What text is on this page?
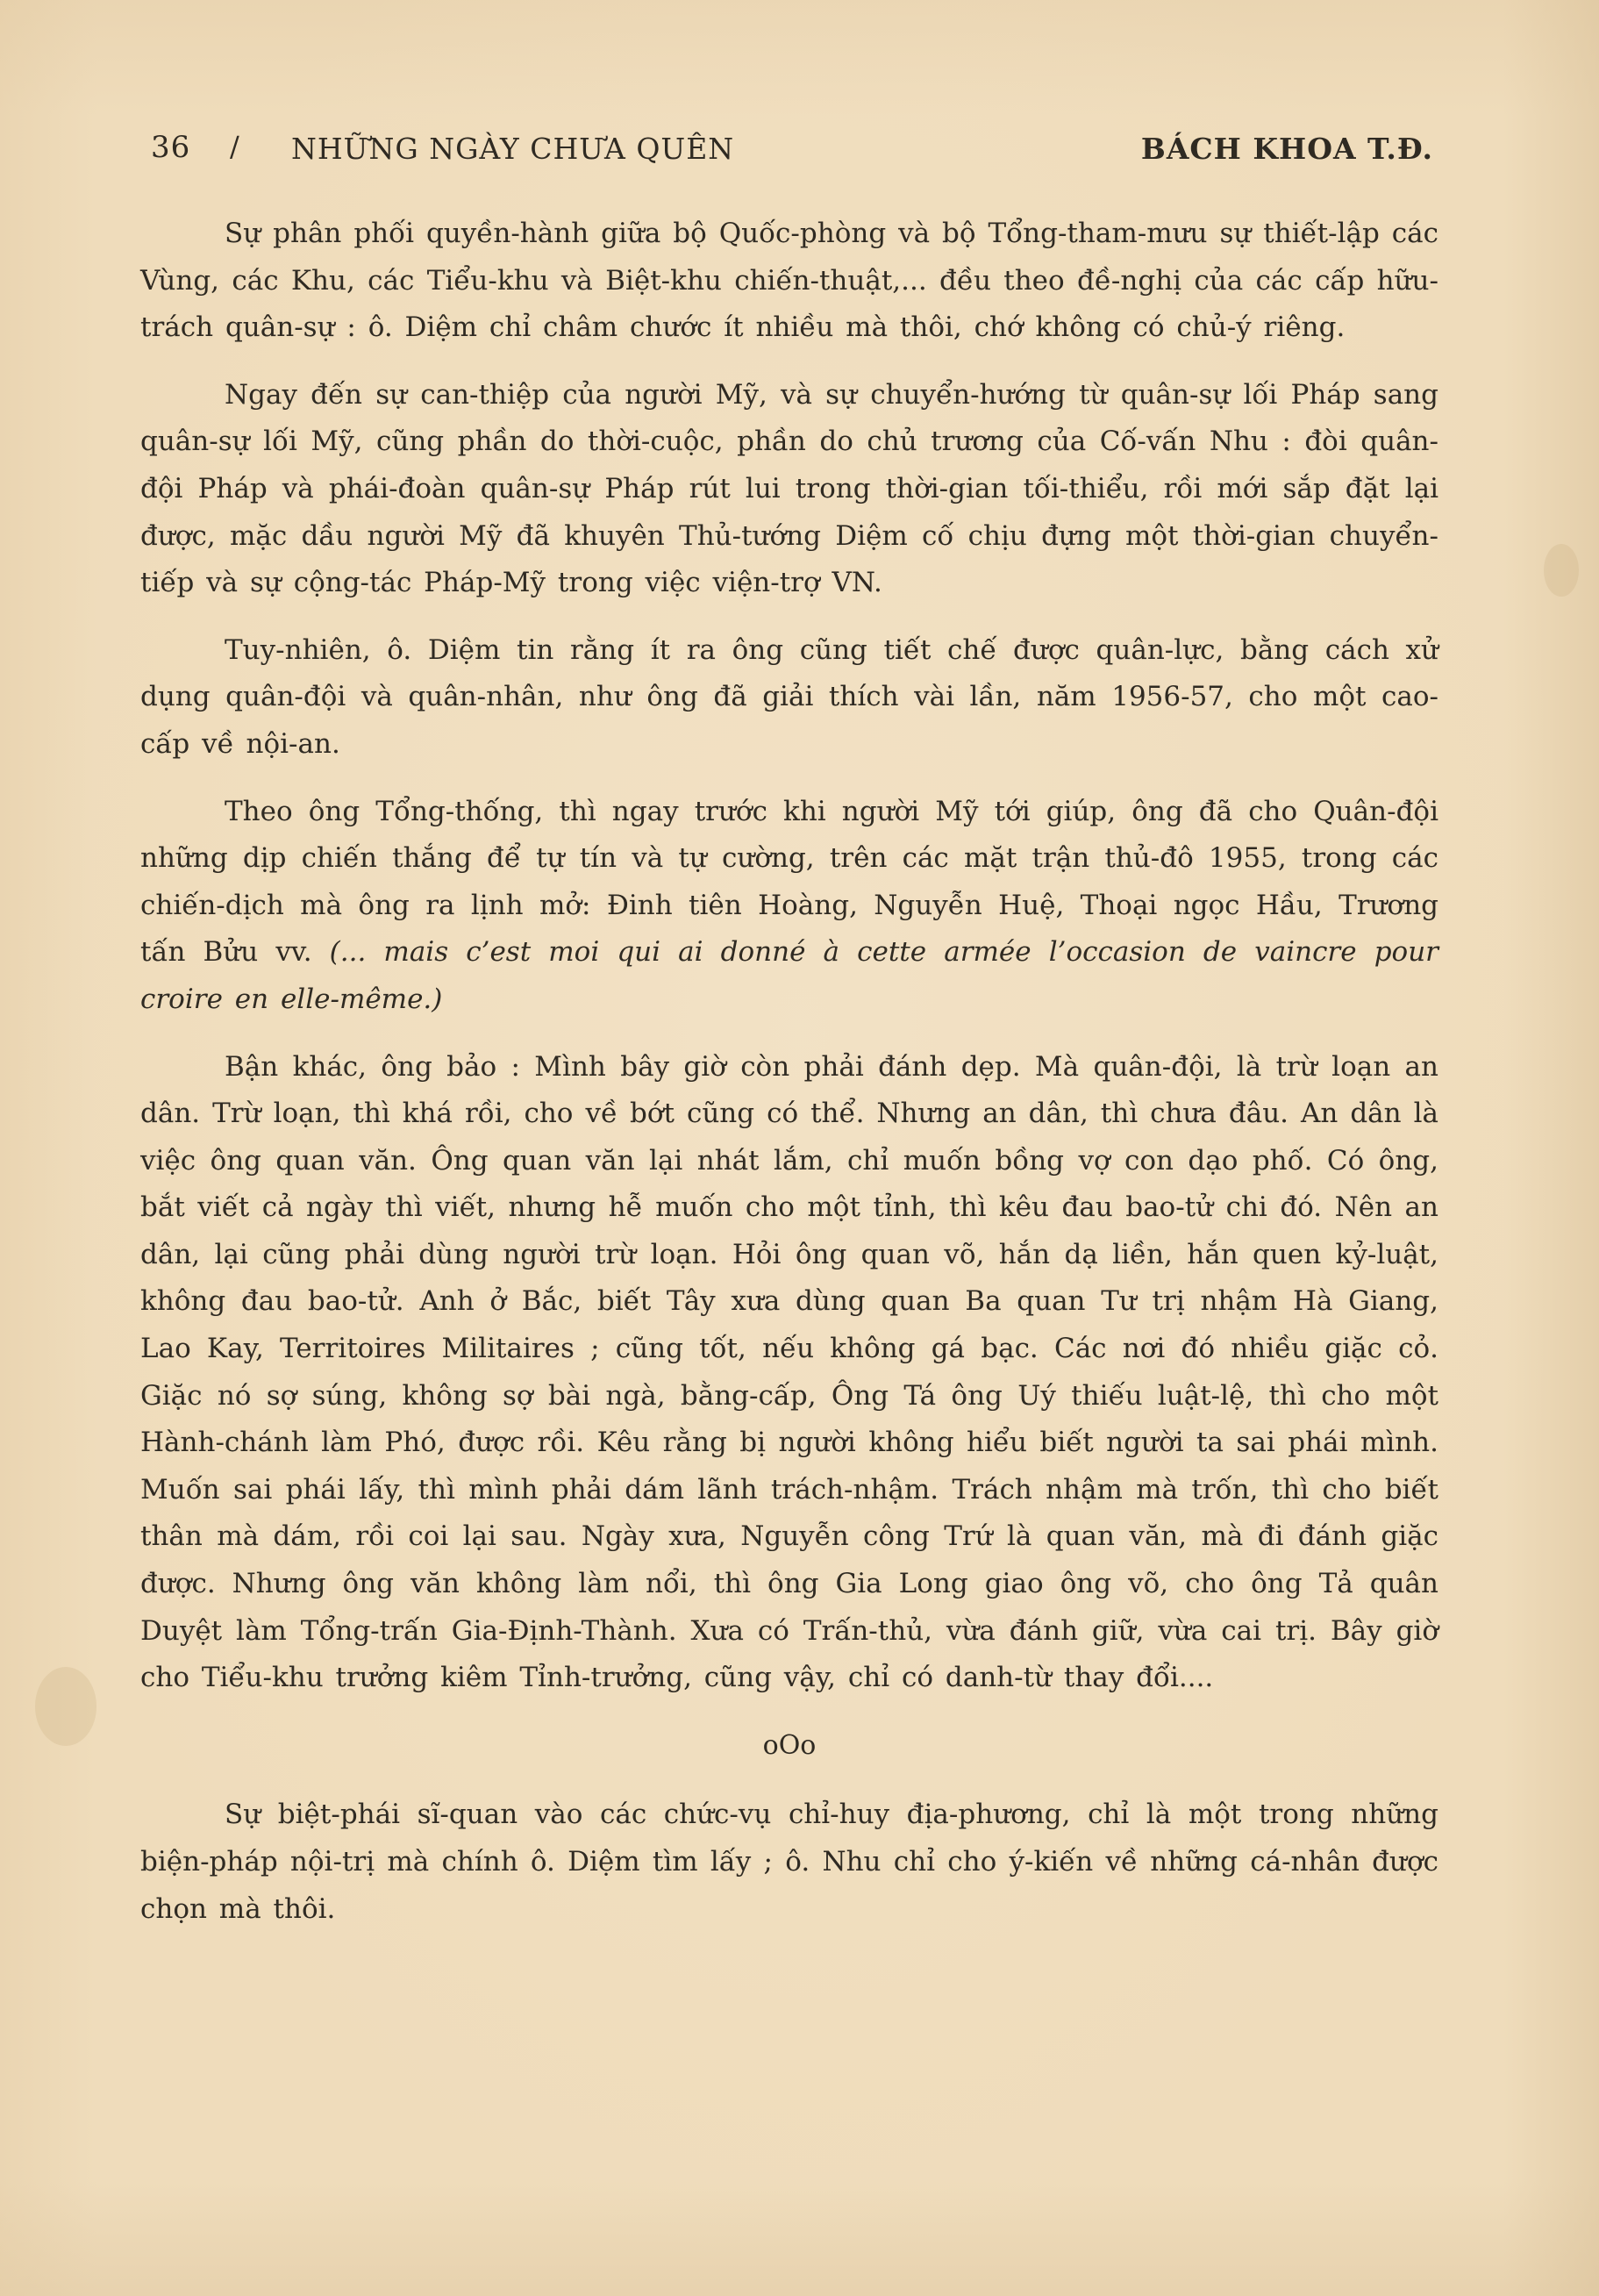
36 / NHỮNG NGÀY CHƯA QUÊN	BÁCH KHOA T.Đ.

Sự phân phối quyền-hành giữa bộ Quốc-phòng và bộ Tổng-tham-mưu sự thiết-lập các Vùng, các Khu, các Tiểu-khu và Biệt-khu chiến-thuật,... đều theo đề-nghị của các cấp hữu-trách quân-sự : ô. Diệm chỉ châm chước ít nhiều mà thôi, chớ không có chủ-ý riêng.

Ngay đến sự can-thiệp của người Mỹ, và sự chuyển-hướng từ quân-sự lối Pháp sang quân-sự lối Mỹ, cũng phần do thời-cuộc, phần do chủ trương của Cố-vấn Nhu : đòi quân-đội Pháp và phái-đoàn quân-sự Pháp rút lui trong thời-gian tối-thiểu, rồi mới sắp đặt lại được, mặc dầu người Mỹ đã khuyên Thủ-tướng Diệm cố chịu đựng một thời-gian chuyển-tiếp và sự cộng-tác Pháp-Mỹ trong việc viện-trợ VN.

Tuy-nhiên, ô. Diệm tin rằng ít ra ông cũng tiết chế được quân-lực, bằng cách xử dụng quân-đội và quân-nhân, như ông đã giải thích vài lần, năm 1956-57, cho một cao-cấp về nội-an.

Theo ông Tổng-thống, thì ngay trước khi người Mỹ tới giúp, ông đã cho Quân-đội những dịp chiến thắng để tự tín và tự cường, trên các mặt trận thủ-đô 1955, trong các chiến-dịch mà ông ra lịnh mở: Đinh tiên Hoàng, Nguyễn Huệ, Thoại ngọc Hầu, Trương tấn Bửu vv. (... mais c’est moi qui ai donné à cette armée l’occasion de vaincre pour croire en elle-même.)

Bận khác, ông bảo : Mình bây giờ còn phải đánh dẹp. Mà quân-đội, là trừ loạn an dân. Trừ loạn, thì khá rồi, cho về bớt cũng có thể. Nhưng an dân, thì chưa đâu. An dân là việc ông quan văn. Ông quan văn lại nhát lắm, chỉ muốn bồng vợ con dạo phố. Có ông, bắt viết cả ngày thì viết, nhưng hễ muốn cho một tỉnh, thì kêu đau bao-tử chi đó. Nên an dân, lại cũng phải dùng người trừ loạn. Hỏi ông quan võ, hắn dạ liền, hắn quen kỷ-luật, không đau bao-tử. Anh ở Bắc, biết Tây xưa dùng quan Ba quan Tư trị nhậm Hà Giang, Lao Kay, Territoires Militaires ; cũng tốt, nếu không gá bạc. Các nơi đó nhiều giặc cỏ. Giặc nó sợ súng, không sợ bài ngà, bằng-cấp, Ông Tá ông Uý thiếu luật-lệ, thì cho một Hành-chánh làm Phó, được rồi. Kêu rằng bị người không hiểu biết người ta sai phái mình. Muốn sai phái lấy, thì mình phải dám lãnh trách-nhậm. Trách nhậm mà trốn, thì cho biết thân mà dám, rồi coi lại sau. Ngày xưa, Nguyễn công Trứ là quan văn, mà đi đánh giặc được. Nhưng ông văn không làm nổi, thì ông Gia Long giao ông võ, cho ông Tả quân Duyệt làm Tổng-trấn Gia-Định-Thành. Xưa có Trấn-thủ, vừa đánh giữ, vừa cai trị. Bây giờ cho Tiểu-khu trưởng kiêm Tỉnh-trưởng, cũng vậy, chỉ có danh-từ thay đổi....

oOo

Sự biệt-phái sĩ-quan vào các chức-vụ chỉ-huy địa-phương, chỉ là một trong những biện-pháp nội-trị mà chính ô. Diệm tìm lấy ; ô. Nhu chỉ cho ý-kiến về những cá-nhân được chọn mà thôi.
